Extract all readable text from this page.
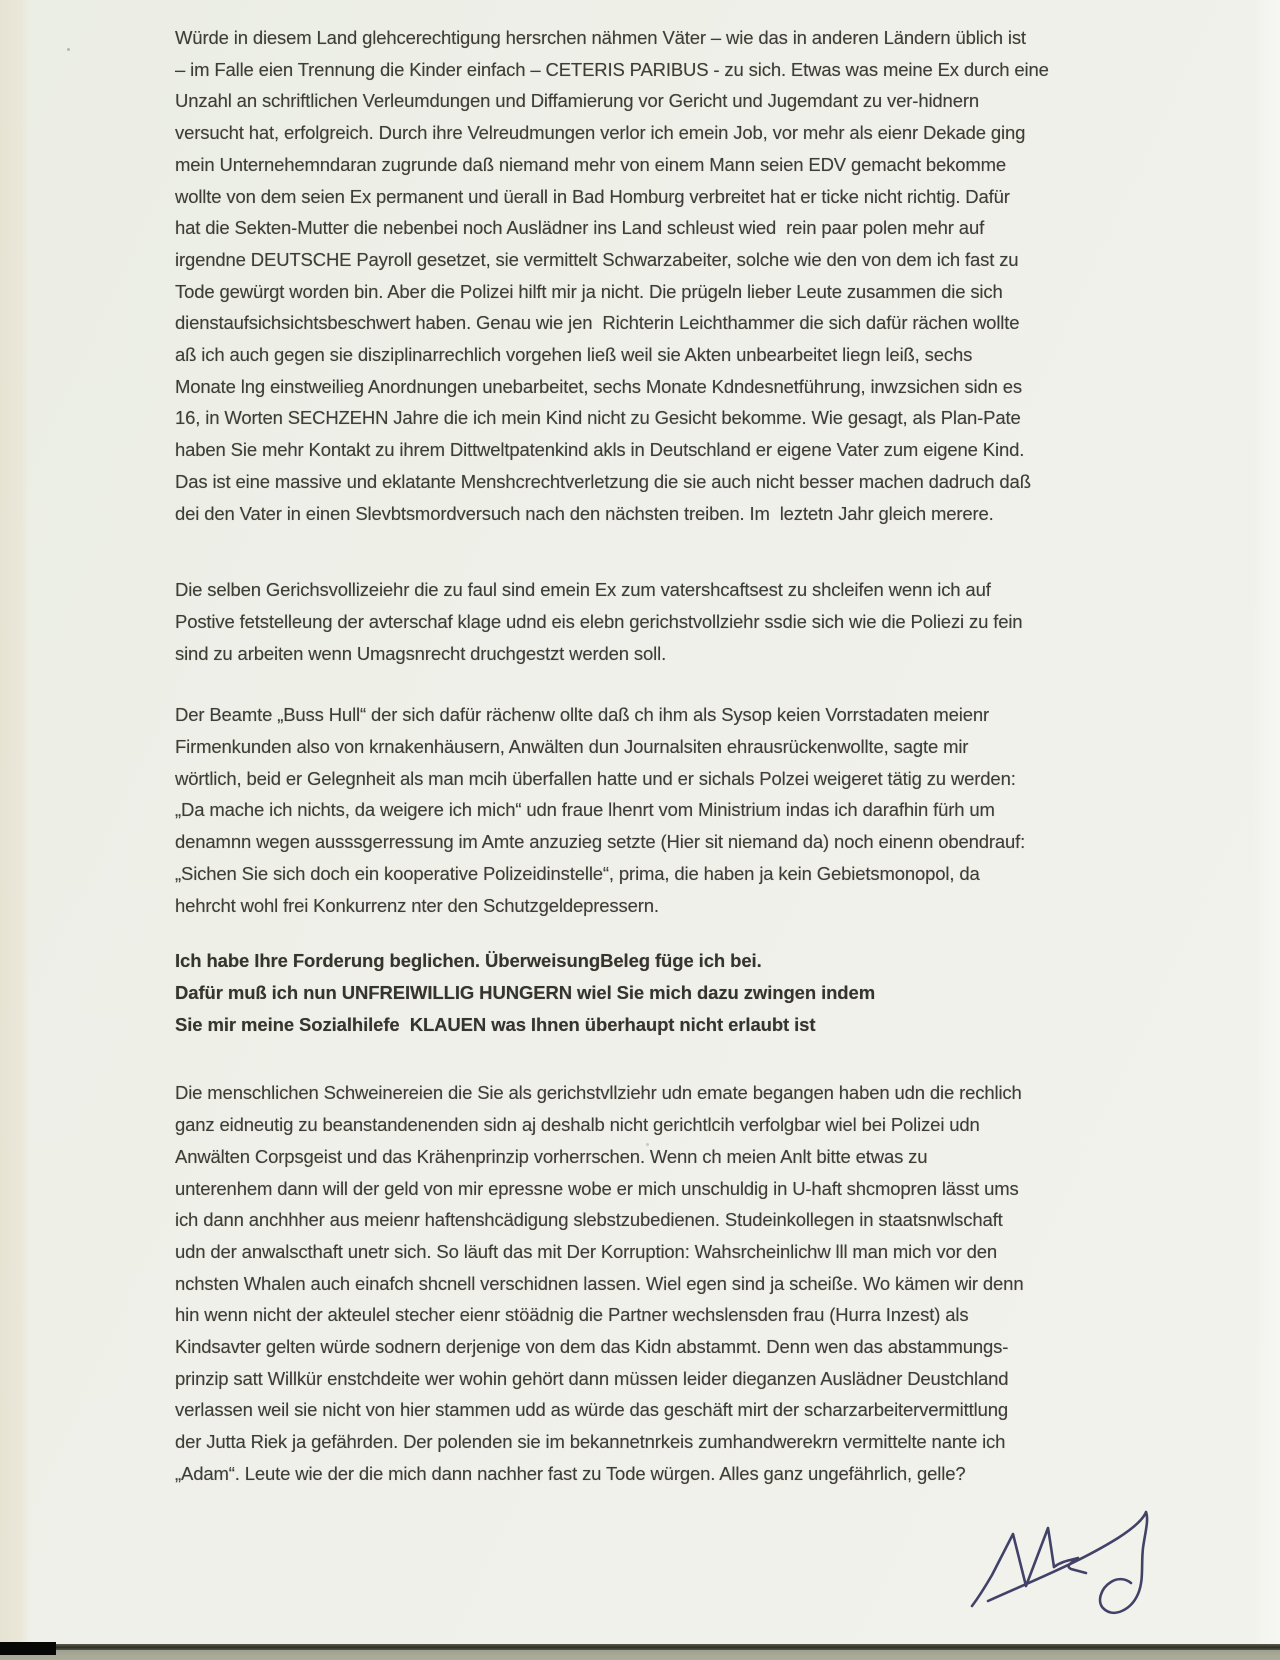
Würde in diesem Land glehcerechtigung hersrchen nähmen Väter – wie das in anderen Ländern üblich ist
– im Falle eien Trennung die Kinder einfach – CETERIS PARIBUS - zu sich. Etwas was meine Ex durch eine
Unzahl an schriftlichen Verleumdungen und Diffamierung vor Gericht und Jugemdant zu ver-hidnern
versucht hat, erfolgreich. Durch ihre Velreudmungen verlor ich emein Job, vor mehr als eienr Dekade ging
mein Unternehemndaran zugrunde daß niemand mehr von einem Mann seien EDV gemacht bekomme
wollte von dem seien Ex permanent und üerall in Bad Homburg verbreitet hat er ticke nicht richtig. Dafür
hat die Sekten-Mutter die nebenbei noch Auslädner ins Land schleust wied  rein paar polen mehr auf
irgendne DEUTSCHE Payroll gesetzet, sie vermittelt Schwarzabeiter, solche wie den von dem ich fast zu
Tode gewürgt worden bin. Aber die Polizei hilft mir ja nicht. Die prügeln lieber Leute zusammen die sich
dienstaufsichsichtsbeschwert haben. Genau wie jen  Richterin Leichthammer die sich dafür rächen wollte
aß ich auch gegen sie disziplinarrechlich vorgehen ließ weil sie Akten unbearbeitet liegn leiß, sechs
Monate lng einstweilieg Anordnungen unebarbeitet, sechs Monate Kdndesnetführung, inwzsichen sidn es
16, in Worten SECHZEHN Jahre die ich mein Kind nicht zu Gesicht bekomme. Wie gesagt, als Plan-Pate
haben Sie mehr Kontakt zu ihrem Dittweltpatenkind akls in Deutschland er eigene Vater zum eigene Kind.
Das ist eine massive und eklatante Menshcrechtverletzung die sie auch nicht besser machen dadruch daß
dei den Vater in einen Slevbtsmordversuch nach den nächsten treiben. Im  leztetn Jahr gleich merere.
Die selben Gerichsvollizeiehr die zu faul sind emein Ex zum vatershcaftsest zu shcleifen wenn ich auf
Postive fetstelleung der avterschaf klage udnd eis elebn gerichstvollziehr ssdie sich wie die Poliezi zu fein
sind zu arbeiten wenn Umagsnrecht druchgestzt werden soll.
Der Beamte „Buss Hull“ der sich dafür rächenw ollte daß ch ihm als Sysop keien Vorrstadaten meienr
Firmenkunden also von krnakenhäusern, Anwälten dun Journalsiten ehrausrückenwollte, sagte mir
wörtlich, beid er Gelegnheit als man mcih überfallen hatte und er sichals Polzei weigeret tätig zu werden:
„Da mache ich nichts, da weigere ich mich“ udn fraue lhenrt vom Ministrium indas ich darafhin fürh um
denamnn wegen ausssgerressung im Amte anzuzieg setzte (Hier sit niemand da) noch einenn obendrauf:
„Sichen Sie sich doch ein kooperative Polizeidinstelle“, prima, die haben ja kein Gebietsmonopol, da
hehrcht wohl frei Konkurrenz nter den Schutzgeldepressern.
Ich habe Ihre Forderung beglichen. ÜberweisungBeleg füge ich bei.
Dafür muß ich nun UNFREIWILLIG HUNGERN wiel Sie mich dazu zwingen indem
Sie mir meine Sozialhilefe  KLAUEN was Ihnen überhaupt nicht erlaubt ist
Die menschlichen Schweinereien die Sie als gerichstvllziehr udn emate begangen haben udn die rechlich
ganz eidneutig zu beanstandenenden sidn aj deshalb nicht gerichtlcih verfolgbar wiel bei Polizei udn
Anwälten Corpsgeist und das Krähenprinzip vorherrschen. Wenn ch meien Anlt bitte etwas zu
unterenhem dann will der geld von mir epressne wobe er mich unschuldig in U-haft shcmopren lässt ums
ich dann anchhher aus meienr haftenshcädigung slebstzubedienen. Studeinkollegen in staatsnwlschaft
udn der anwalscthaft unetr sich. So läuft das mit Der Korruption: Wahsrcheinlichw lll man mich vor den
nchsten Whalen auch einafch shcnell verschidnen lassen. Wiel egen sind ja scheiße. Wo kämen wir denn
hin wenn nicht der akteulel stecher eienr stöädnig die Partner wechslensden frau (Hurra Inzest) als
Kindsavter gelten würde sodnern derjenige von dem das Kidn abstammt. Denn wen das abstammungs-
prinzip satt Willkür enstchdeite wer wohin gehört dann müssen leider dieganzen Auslädner Deustchland
verlassen weil sie nicht von hier stammen udd as würde das geschäft mirt der scharzarbeitervermittlung
der Jutta Riek ja gefährden. Der polenden sie im bekannetnrkeis zumhandwerekrn vermittelte nante ich
„Adam“. Leute wie der die mich dann nachher fast zu Tode würgen. Alles ganz ungefährlich, gelle?
